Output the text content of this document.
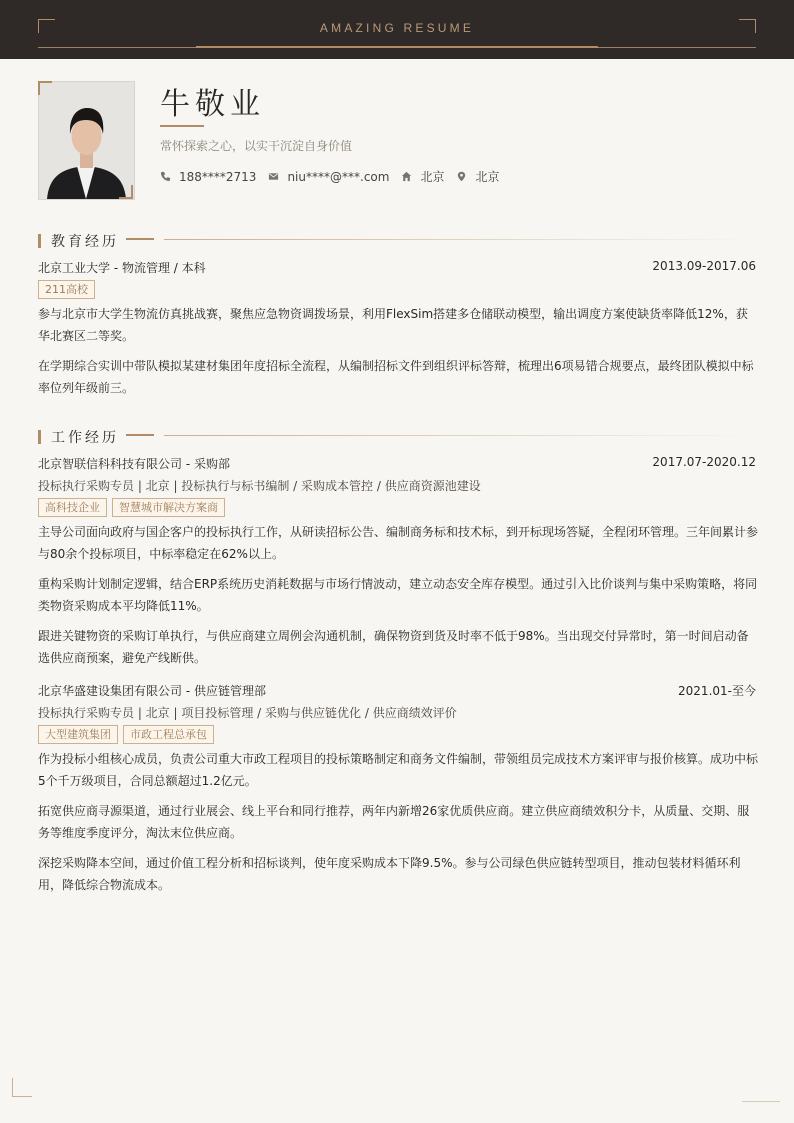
AMAZING RESUME
牛敬业
常怀探索之心，以实干沉淀自身价值
188****2713	niu****@***.com	北京	北京
教育经历
北京工业大学 - 物流管理 / 本科	2013.09-2017.06
211高校
参与北京市大学生物流仿真挑战赛，聚焦应急物资调拨场景，利用FlexSim搭建多仓储联动模型，输出调度方案使缺货率降低12%，获华北赛区二等奖。
在学期综合实训中带队模拟某建材集团年度招标全流程，从编制招标文件到组织评标答辩，梳理出6项易错合规要点，最终团队模拟中标率位列年级前三。
工作经历
北京智联信科科技有限公司 - 采购部	2017.07-2020.12
投标执行采购专员 | 北京 | 投标执行与标书编制 / 采购成本管控 / 供应商资源池建设
高科技企业	智慧城市解决方案商
主导公司面向政府与国企客户的投标执行工作，从研读招标公告、编制商务标和技术标，到开标现场答疑，全程闭环管理。三年间累计参与80余个投标项目，中标率稳定在62%以上。
重构采购计划制定逻辑，结合ERP系统历史消耗数据与市场行情波动，建立动态安全库存模型。通过引入比价谈判与集中采购策略，将同类物资采购成本平均降低11%。
跟进关键物资的采购订单执行，与供应商建立周例会沟通机制，确保物资到货及时率不低于98%。当出现交付异常时，第一时间启动备选供应商预案，避免产线断供。
北京华盛建设集团有限公司 - 供应链管理部	2021.01-至今
投标执行采购专员 | 北京 | 项目投标管理 / 采购与供应链优化 / 供应商绩效评价
大型建筑集团	市政工程总承包
作为投标小组核心成员，负责公司重大市政工程项目的投标策略制定和商务文件编制，带领组员完成技术方案评审与报价核算。成功中标5个千万级项目，合同总额超过1.2亿元。
拓宽供应商寻源渠道，通过行业展会、线上平台和同行推荐，两年内新增26家优质供应商。建立供应商绩效积分卡，从质量、交期、服务等维度季度评分，淘汰末位供应商。
深挖采购降本空间，通过价值工程分析和招标谈判，使年度采购成本下降9.5%。参与公司绿色供应链转型项目，推动包装材料循环利用，降低综合物流成本。
